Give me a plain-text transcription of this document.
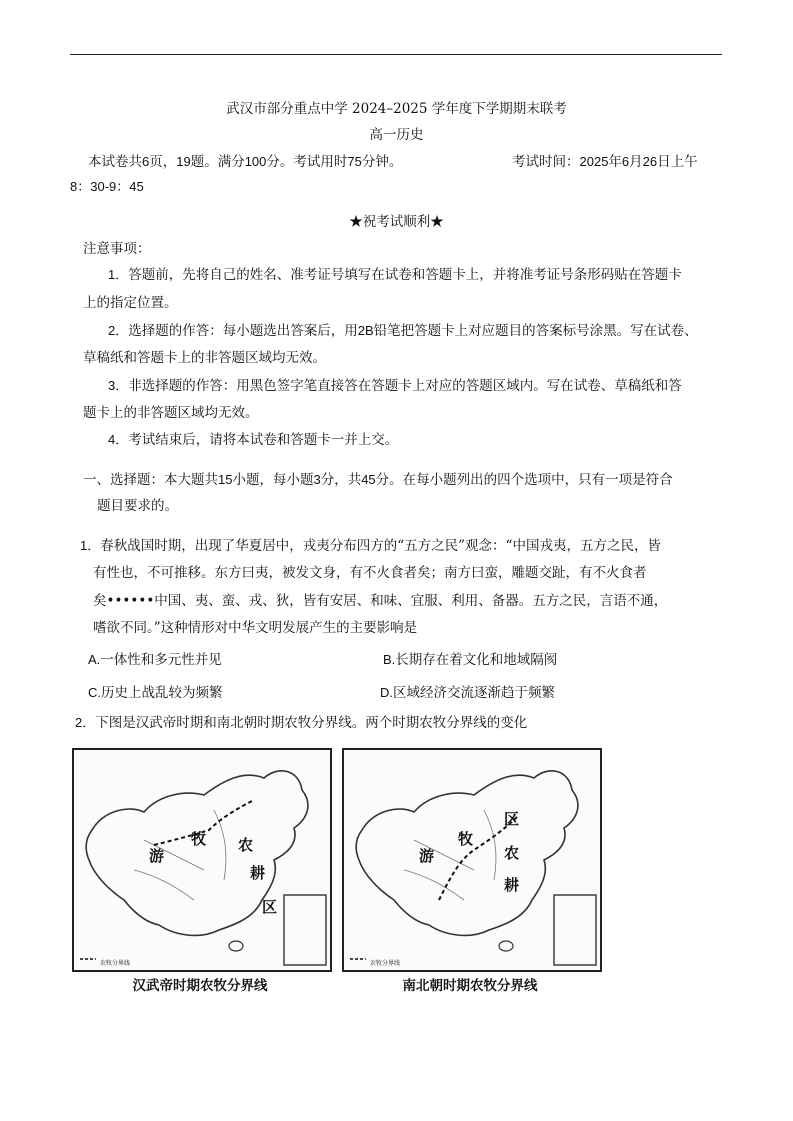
武汉市部分重点中学 2024–2025 学年度下学期期末联考
高一历史
本试卷共6页，19题。满分100分。考试用时75分钟。	考试时间：2025年6月26日上午
8：30-9：45
★祝考试顺利★
注意事项：
1．答题前，先将自己的姓名、准考证号填写在试卷和答题卡上，并将准考证号条形码贴在答题卡
上的指定位置。
2．选择题的作答：每小题选出答案后，用2B铅笔把答题卡上对应题目的答案标号涂黑。写在试卷、
草稿纸和答题卡上的非答题区域均无效。
3．非选择题的作答：用黑色签字笔直接答在答题卡上对应的答题区域内。写在试卷、草稿纸和答
题卡上的非答题区域均无效。
4．考试结束后，请将本试卷和答题卡一并上交。
一、选择题：本大题共15小题，每小题3分，共45分。在每小题列出的四个选项中，只有一项是符合
题目要求的。
1．春秋战国时期，出现了华夏居中，戎夷分布四方的“五方之民”观念：“中国戎夷，五方之民，皆
有性也，不可推移。东方曰夷，被发文身，有不火食者矣；南方曰蛮，雕题交趾，有不火食者
矣••••••中国、夷、蛮、戎、狄，皆有安居、和味、宜服、利用、备器。五方之民，言语不通，
嗜欲不同。”这种情形对中华文明发展产生的主要影响是
A.一体性和多元性并见	B.长期存在着文化和地域隔阂
C.历史上战乱较为频繁	D.区域经济交流逐渐趋于频繁
2．下图是汉武帝时期和南北朝时期农牧分界线。两个时期农牧分界线的变化
牧 农
游
耕
区
农牧分界线
汉武帝时期农牧分界线
区
牧
农
游
耕
农牧分界线
南北朝时期农牧分界线
